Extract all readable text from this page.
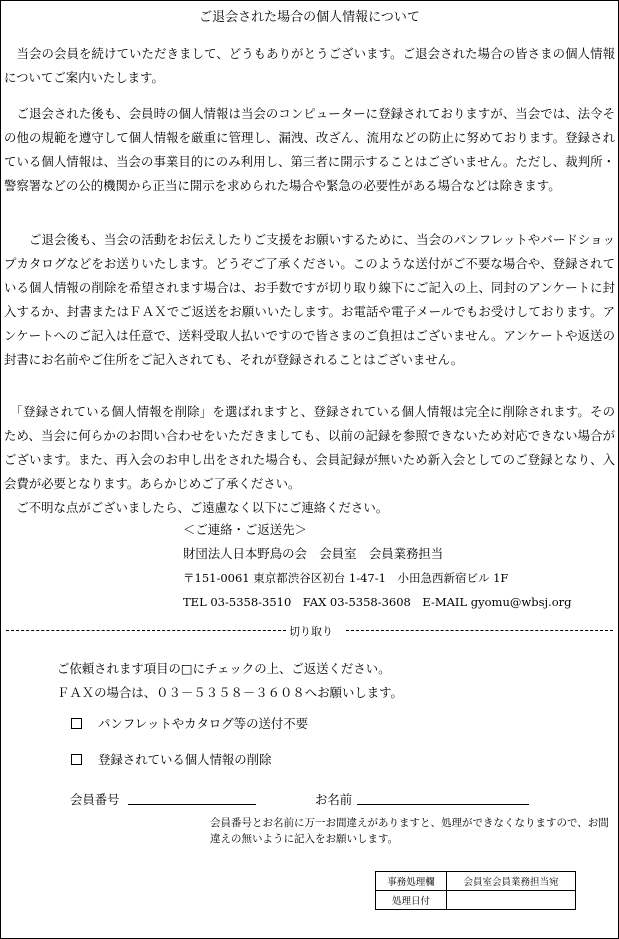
ご退会された場合の個人情報について
　当会の会員を続けていただきまして、どうもありがとうございます。ご退会された場合の皆さまの個人情報についてご案内いたします。
　ご退会された後も、会員時の個人情報は当会のコンピューターに登録されておりますが、当会では、法令その他の規範を遵守して個人情報を厳重に管理し、漏洩、改ざん、流用などの防止に努めております。登録されている個人情報は、当会の事業目的にのみ利用し、第三者に開示することはございません。ただし、裁判所・警察署などの公的機関から正当に開示を求められた場合や緊急の必要性がある場合などは除きます。
　　ご退会後も、当会の活動をお伝えしたりご支援をお願いするために、当会のパンフレットやバードショップカタログなどをお送りいたします。どうぞご了承ください。このような送付がご不要な場合や、登録されている個人情報の削除を希望されます場合は、お手数ですが切り取り線下にご記入の上、同封のアンケートに封入するか、封書またはＦＡＸでご返送をお願いいたします。お電話や電子メールでもお受けしております。アンケートへのご記入は任意で、送料受取人払いですので皆さまのご負担はございません。アンケートや返送の封書にお名前やご住所をご記入されても、それが登録されることはございません。
　「登録されている個人情報を削除」を選ばれますと、登録されている個人情報は完全に削除されます。そのため、当会に何らかのお問い合わせをいただきましても、以前の記録を参照できないため対応できない場合がございます。また、再入会のお申し出をされた場合も、会員記録が無いため新入会としてのご登録となり、入会費が必要となります。あらかじめご了承ください。
　ご不明な点がございましたら、ご遠慮なく以下にご連絡ください。
＜ご連絡・ご返送先＞
財団法人日本野鳥の会　会員室　会員業務担当
〒151-0061 東京都渋谷区初台 1-47-1　小田急西新宿ビル 1F
TEL 03-5358-3510　FAX 03-5358-3608　E-MAIL gyomu@wbsj.org
切り取り
ご依頼されます項目の□にチェックの上、ご返送ください。
ＦＡＸの場合は、０３－５３５８－３６０８へお願いします。
パンフレットやカタログ等の送付不要
登録されている個人情報の削除
会員番号	お名前
会員番号とお名前に万一お間違えがありますと、処理ができなくなりますので、お間違えの無いように記入をお願いします。
事務処理欄	会員室会員業務担当宛
処理日付	
